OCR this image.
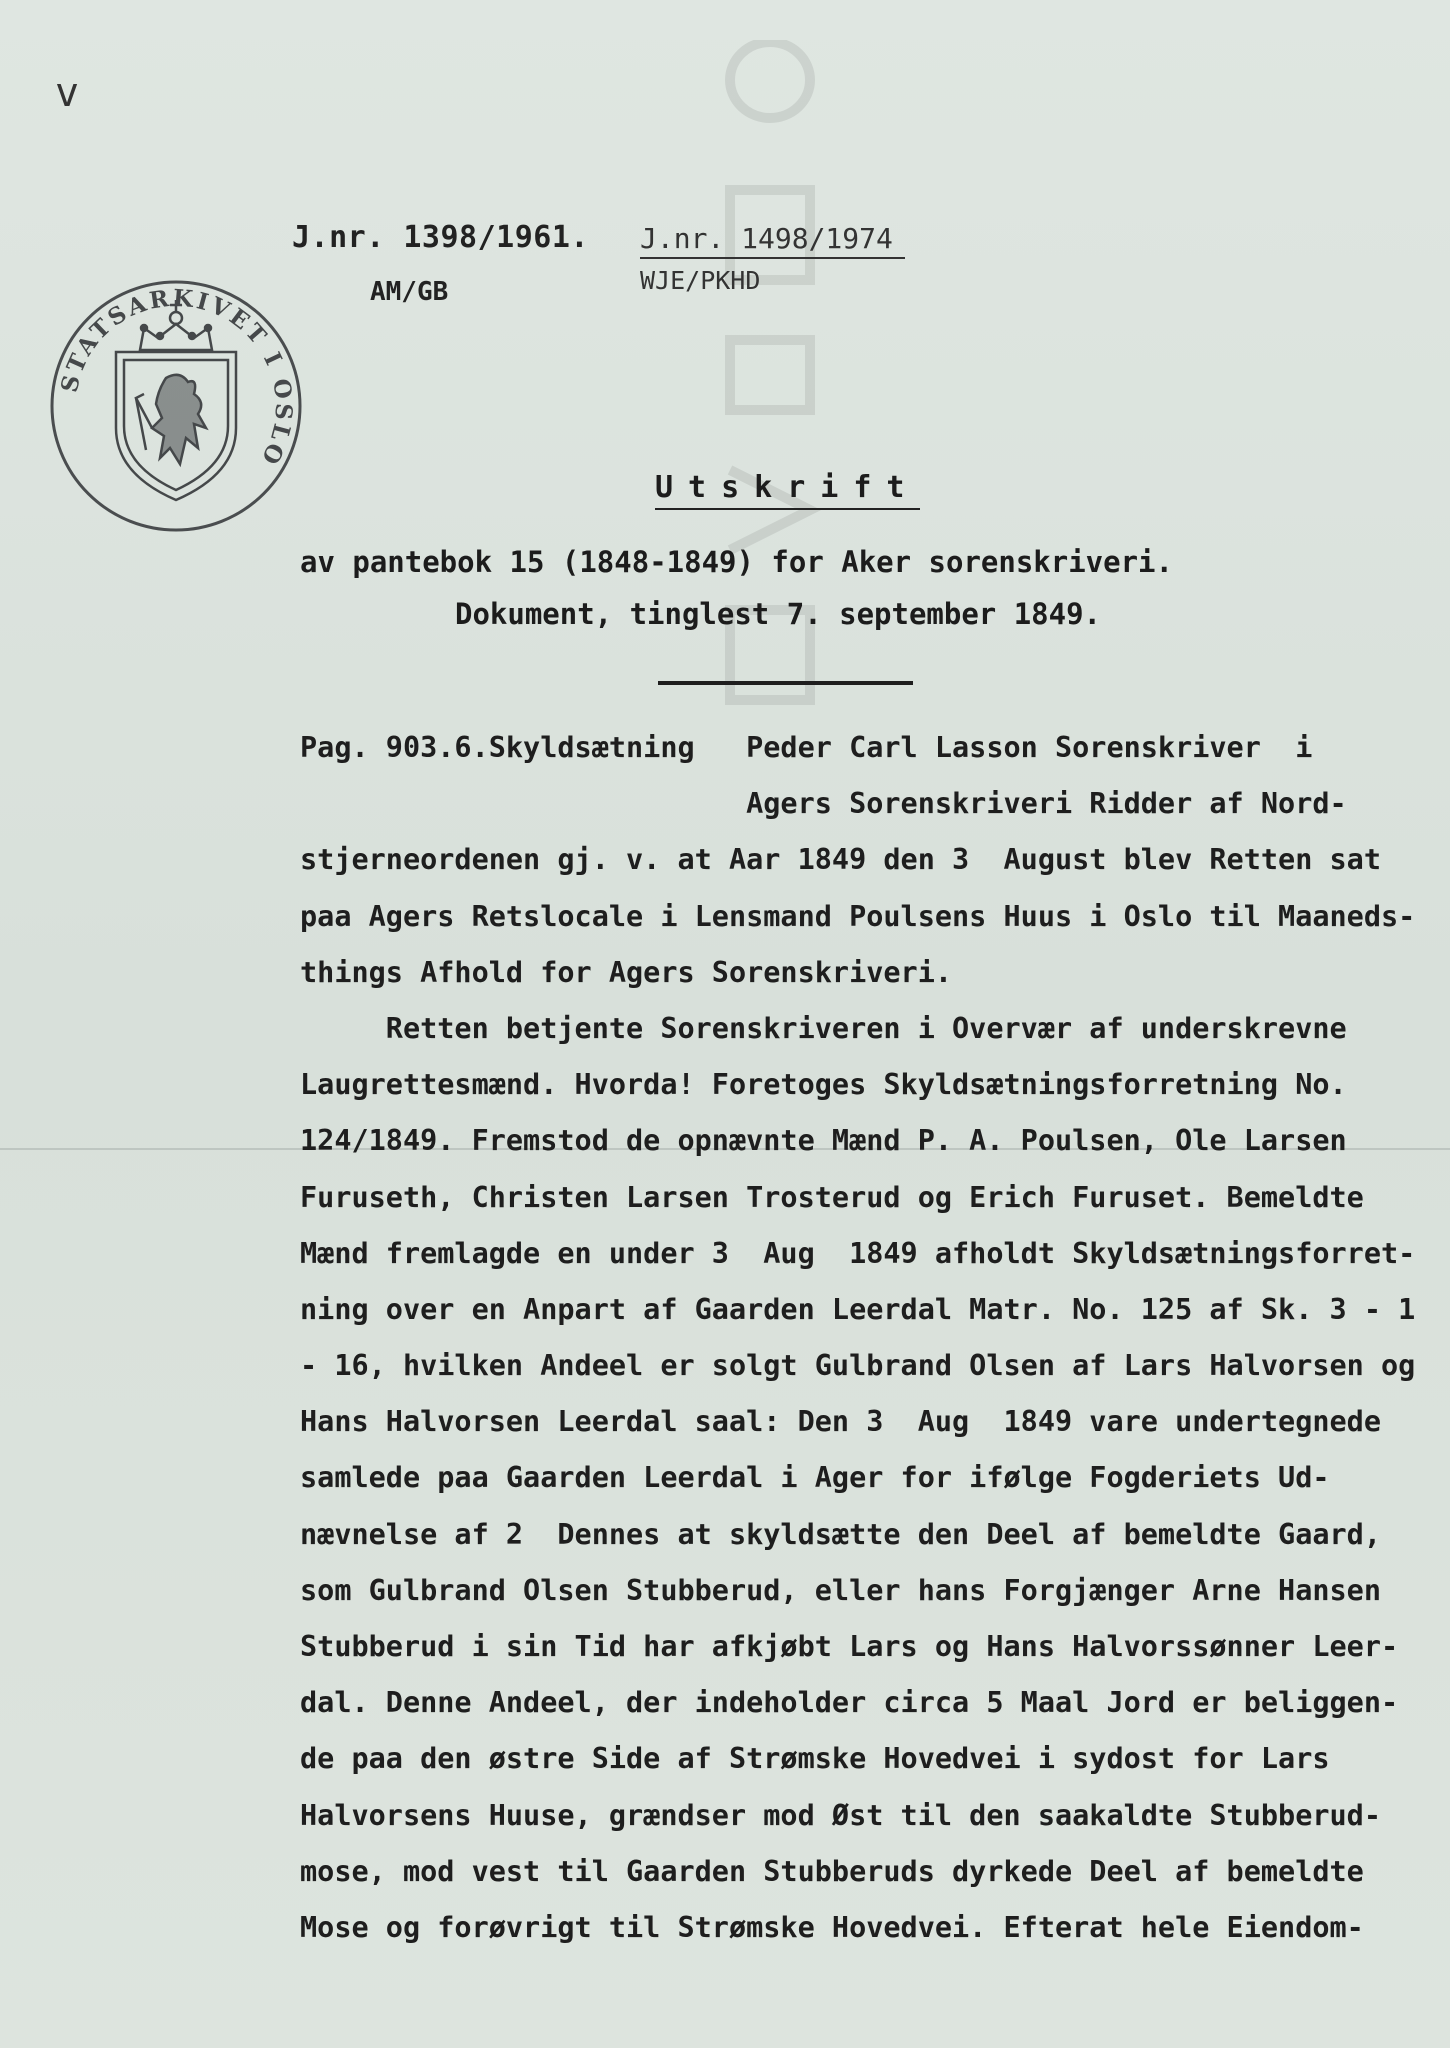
v
J.nr. 1398/1961.
AM/GB
J.nr. 1498/1974
WJE/PKHD
STATSARKIVET I OSLO
Utskrift
av pantebok 15 (1848-1849) for Aker sorenskriveri.
Dokument, tinglest 7. september 1849.
Pag. 903.6.Skyldsætning   Peder Carl Lasson Sorenskriver  i
Agers Sorenskriveri Ridder af Nord-
stjerneordenen gj. v. at Aar 1849 den 3  August blev Retten sat
paa Agers Retslocale i Lensmand Poulsens Huus i Oslo til Maaneds-
things Afhold for Agers Sorenskriveri.
Retten betjente Sorenskriveren i Overvær af underskrevne
Laugrettesmænd. Hvorda! Foretoges Skyldsætningsforretning No.
124/1849. Fremstod de opnævnte Mænd P. A. Poulsen, Ole Larsen
Furuseth, Christen Larsen Trosterud og Erich Furuset. Bemeldte
Mænd fremlagde en under 3  Aug  1849 afholdt Skyldsætningsforret-
ning over en Anpart af Gaarden Leerdal Matr. No. 125 af Sk. 3 - 1
- 16, hvilken Andeel er solgt Gulbrand Olsen af Lars Halvorsen og
Hans Halvorsen Leerdal saal: Den 3  Aug  1849 vare undertegnede
samlede paa Gaarden Leerdal i Ager for ifølge Fogderiets Ud-
nævnelse af 2  Dennes at skyldsætte den Deel af bemeldte Gaard,
som Gulbrand Olsen Stubberud, eller hans Forgjænger Arne Hansen
Stubberud i sin Tid har afkjøbt Lars og Hans Halvorssønner Leer-
dal. Denne Andeel, der indeholder circa 5 Maal Jord er beliggen-
de paa den østre Side af Strømske Hovedvei i sydost for Lars
Halvorsens Huuse, grændser mod Øst til den saakaldte Stubberud-
mose, mod vest til Gaarden Stubberuds dyrkede Deel af bemeldte
Mose og forøvrigt til Strømske Hovedvei. Efterat hele Eiendom-
